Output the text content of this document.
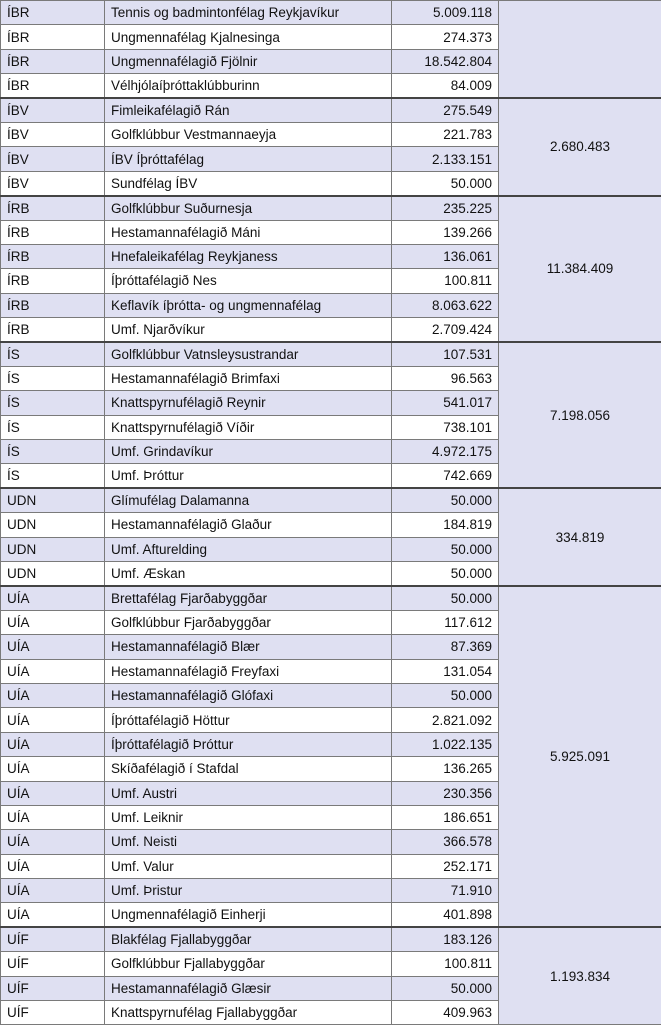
ÍBR	Tennis og badmintonfélag Reykjavíkur	5.009.118	
ÍBR	Ungmennafélag Kjalnesinga	274.373	
ÍBR	Ungmennafélagið Fjölnir	18.542.804	
ÍBR	Vélhjólaíþróttaklúbburinn	84.009	
ÍBV	Fimleikafélagið Rán	275.549	2.680.483
ÍBV	Golfklúbbur Vestmannaeyja	221.783	
ÍBV	ÍBV Íþróttafélag	2.133.151	
ÍBV	Sundfélag ÍBV	50.000	
ÍRB	Golfklúbbur Suðurnesja	235.225	11.384.409
ÍRB	Hestamannafélagið Máni	139.266	
ÍRB	Hnefaleikafélag Reykjaness	136.061	
ÍRB	Íþróttafélagið Nes	100.811	
ÍRB	Keflavík íþrótta- og ungmennafélag	8.063.622	
ÍRB	Umf. Njarðvíkur	2.709.424	
ÍS	Golfklúbbur Vatnsleysustrandar	107.531	7.198.056
ÍS	Hestamannafélagið Brimfaxi	96.563	
ÍS	Knattspyrnufélagið Reynir	541.017	
ÍS	Knattspyrnufélagið Víðir	738.101	
ÍS	Umf. Grindavíkur	4.972.175	
ÍS	Umf. Þróttur	742.669	
UDN	Glímufélag Dalamanna	50.000	334.819
UDN	Hestamannafélagið Glaður	184.819	
UDN	Umf. Afturelding	50.000	
UDN	Umf. Æskan	50.000	
UÍA	Brettafélag Fjarðabyggðar	50.000	5.925.091
UÍA	Golfklúbbur Fjarðabyggðar	117.612	
UÍA	Hestamannafélagið Blær	87.369	
UÍA	Hestamannafélagið Freyfaxi	131.054	
UÍA	Hestamannafélagið Glófaxi	50.000	
UÍA	Íþróttafélagið Höttur	2.821.092	
UÍA	Íþróttafélagið Þróttur	1.022.135	
UÍA	Skíðafélagið í Stafdal	136.265	
UÍA	Umf. Austri	230.356	
UÍA	Umf. Leiknir	186.651	
UÍA	Umf. Neisti	366.578	
UÍA	Umf. Valur	252.171	
UÍA	Umf. Þristur	71.910	
UÍA	Ungmennafélagið Einherji	401.898	
UÍF	Blakfélag Fjallabyggðar	183.126	1.193.834
UÍF	Golfklúbbur Fjallabyggðar	100.811	
UÍF	Hestamannafélagið Glæsir	50.000	
UÍF	Knattspyrnufélag Fjallabyggðar	409.963	
